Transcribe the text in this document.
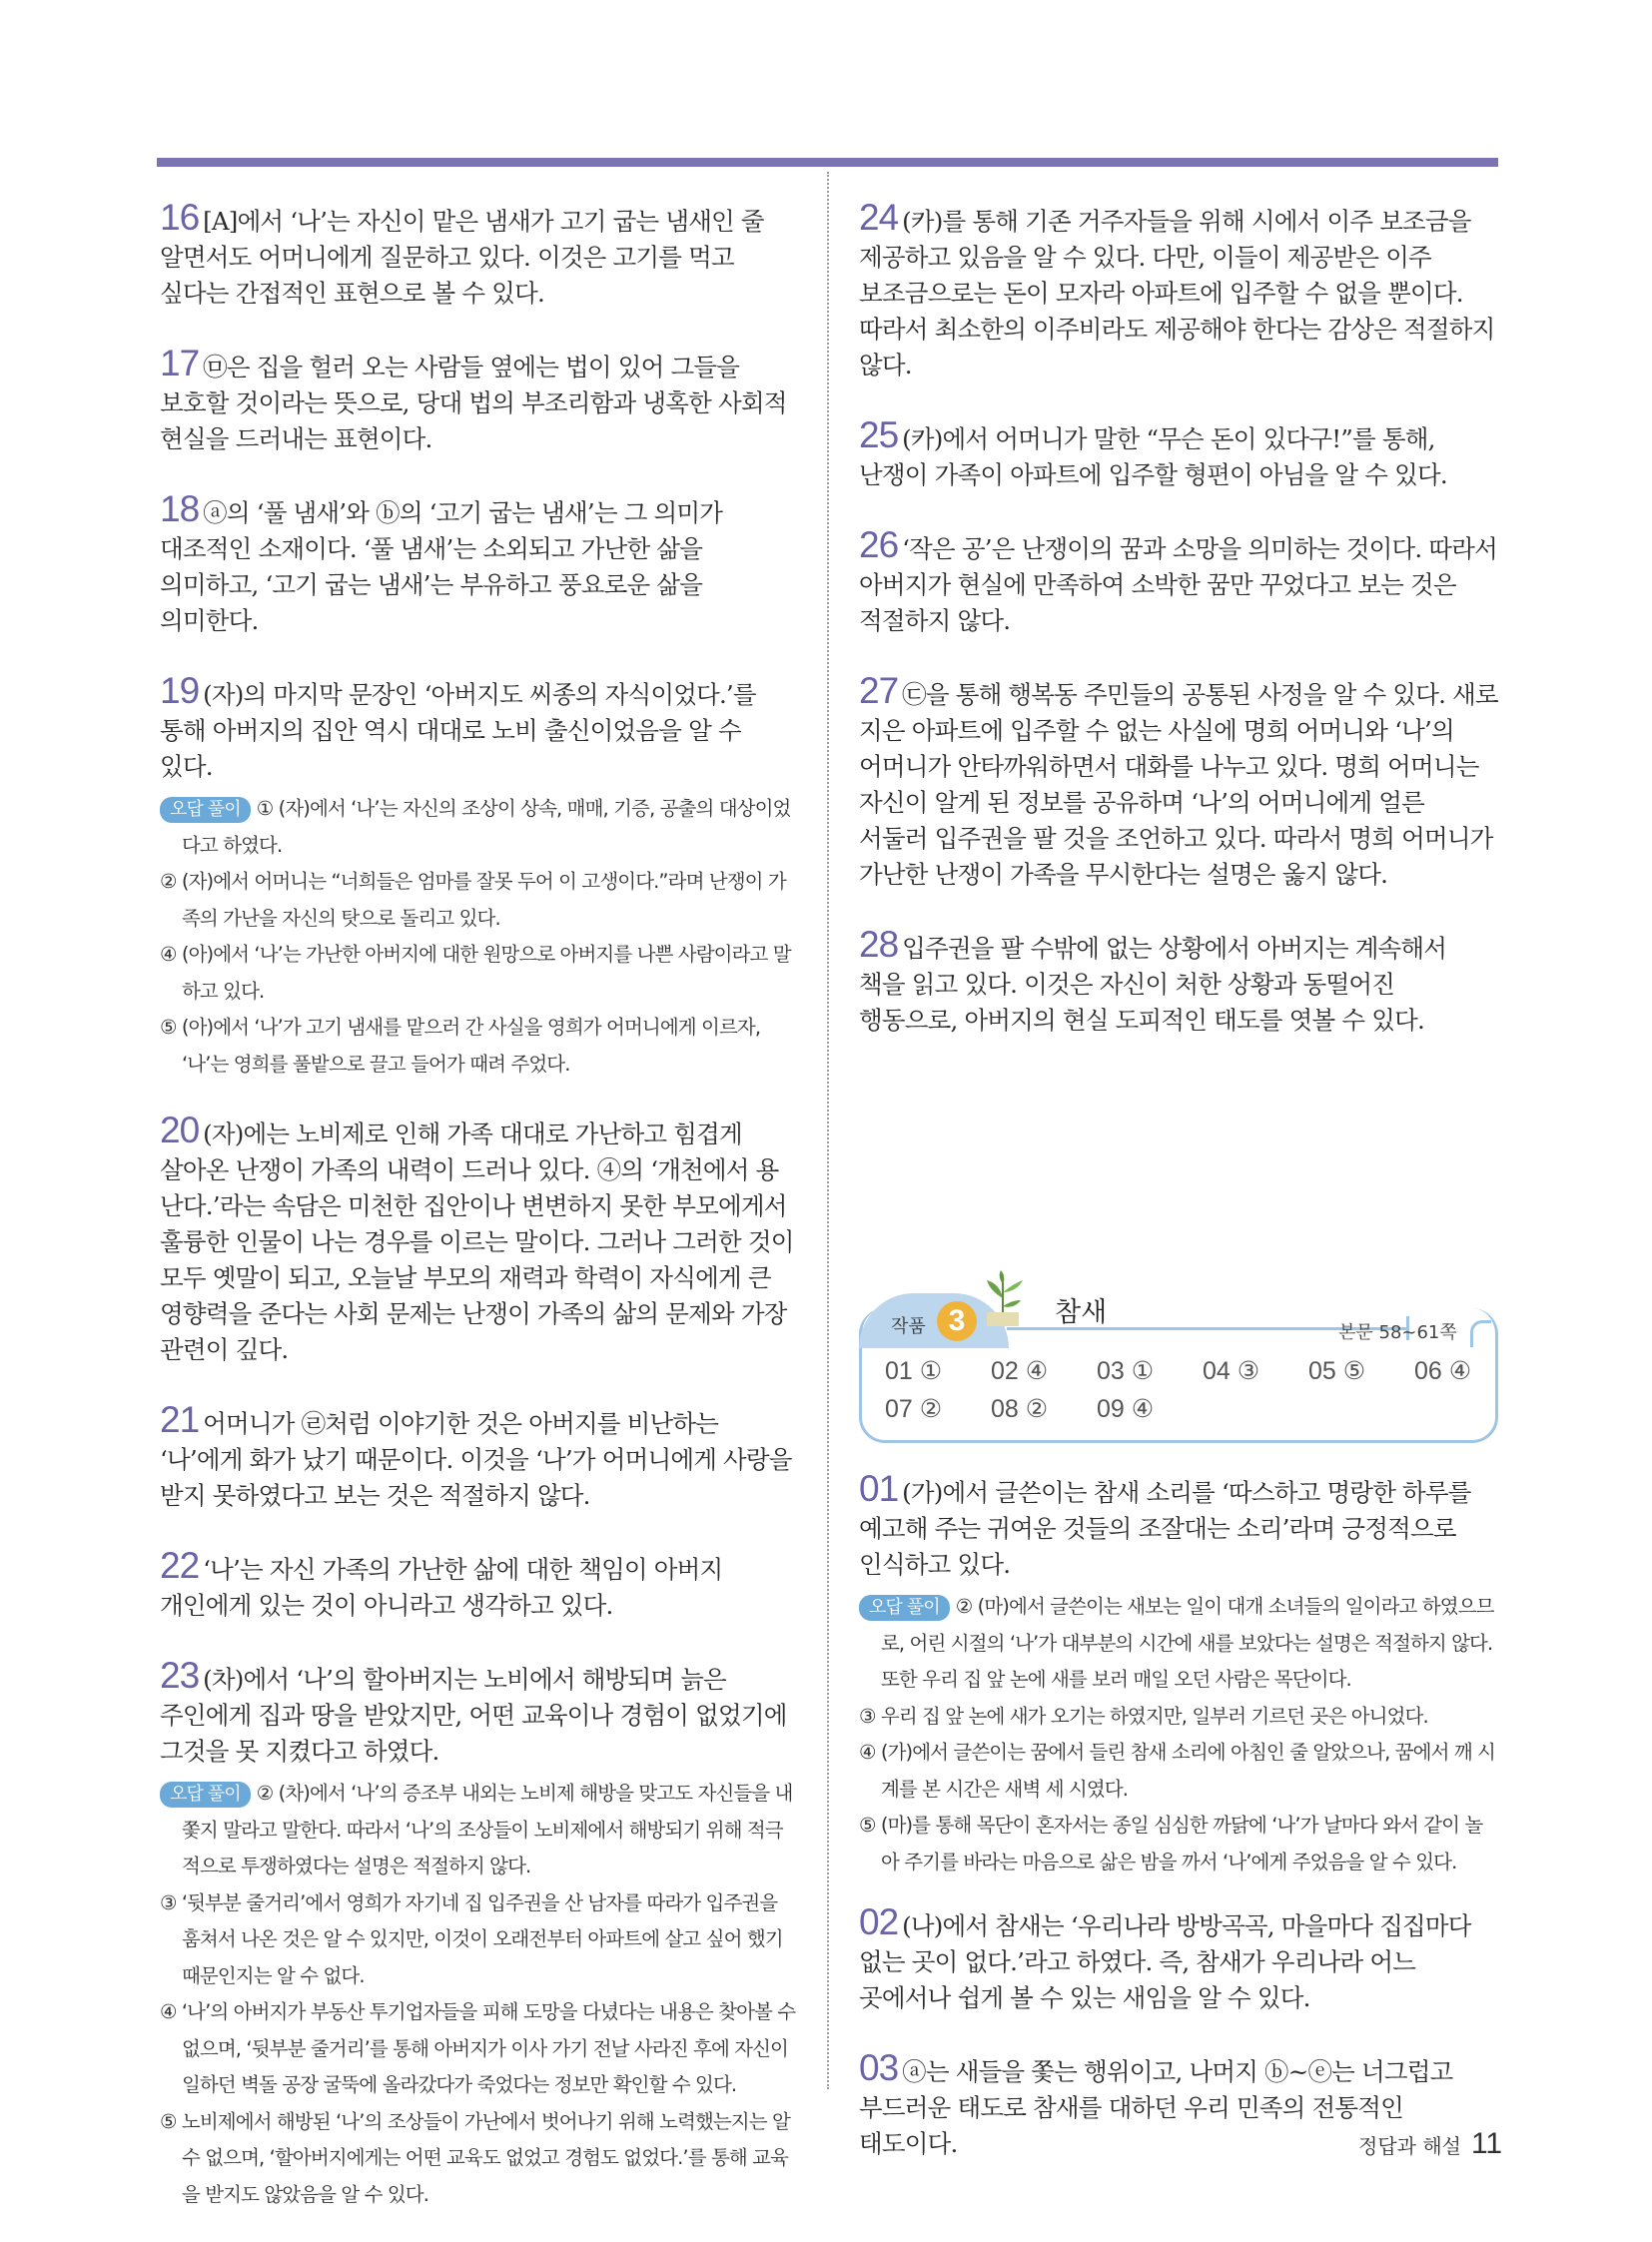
16 [A]에서 ‘나’는 자신이 맡은 냄새가 고기 굽는 냄새인 줄 알면서도 어머니에게 질문하고 있다. 이것은 고기를 먹고 싶다는 간접적인 표현으로 볼 수 있다.
17 ㉤은 집을 헐러 오는 사람들 옆에는 법이 있어 그들을 보호할 것이라는 뜻으로, 당대 법의 부조리함과 냉혹한 사회적 현실을 드러내는 표현이다.
18 ⓐ의 ‘풀 냄새’와 ⓑ의 ‘고기 굽는 냄새’는 그 의미가 대조적인 소재이다. ‘풀 냄새’는 소외되고 가난한 삶을 의미하고, ‘고기 굽는 냄새’는 부유하고 풍요로운 삶을 의미한다.
19 (자)의 마지막 문장인 ‘아버지도 씨종의 자식이었다.’를 통해 아버지의 집안 역시 대대로 노비 출신이었음을 알 수 있다.

오답 풀이 ① (자)에서 ‘나’는 자신의 조상이 상속, 매매, 기증, 공출의 대상이었다고 하였다.

② (자)에서 어머니는 “너희들은 엄마를 잘못 두어 이 고생이다.”라며 난쟁이 가족의 가난을 자신의 탓으로 돌리고 있다.

④ (아)에서 ‘나’는 가난한 아버지에 대한 원망으로 아버지를 나쁜 사람이라고 말하고 있다.

⑤ (아)에서 ‘나’가 고기 냄새를 맡으러 간 사실을 영희가 어머니에게 이르자, ‘나’는 영희를 풀밭으로 끌고 들어가 때려 주었다.

20 (자)에는 노비제로 인해 가족 대대로 가난하고 힘겹게 살아온 난쟁이 가족의 내력이 드러나 있다. ④의 ‘개천에서 용 난다.’라는 속담은 미천한 집안이나 변변하지 못한 부모에게서 훌륭한 인물이 나는 경우를 이르는 말이다. 그러나 그러한 것이 모두 옛말이 되고, 오늘날 부모의 재력과 학력이 자식에게 큰 영향력을 준다는 사회 문제는 난쟁이 가족의 삶의 문제와 가장 관련이 깊다.
21 어머니가 ㉣처럼 이야기한 것은 아버지를 비난하는 ‘나’에게 화가 났기 때문이다. 이것을 ‘나’가 어머니에게 사랑을 받지 못하였다고 보는 것은 적절하지 않다.
22 ‘나’는 자신 가족의 가난한 삶에 대한 책임이 아버지 개인에게 있는 것이 아니라고 생각하고 있다.
23 (차)에서 ‘나’의 할아버지는 노비에서 해방되며 늙은 주인에게 집과 땅을 받았지만, 어떤 교육이나 경험이 없었기에 그것을 못 지켰다고 하였다.

오답 풀이 ② (차)에서 ‘나’의 증조부 내외는 노비제 해방을 맞고도 자신들을 내쫓지 말라고 말한다. 따라서 ‘나’의 조상들이 노비제에서 해방되기 위해 적극적으로 투쟁하였다는 설명은 적절하지 않다.

③ ‘뒷부분 줄거리’에서 영희가 자기네 집 입주권을 산 남자를 따라가 입주권을 훔쳐서 나온 것은 알 수 있지만, 이것이 오래전부터 아파트에 살고 싶어 했기 때문인지는 알 수 없다.

④ ‘나’의 아버지가 부동산 투기업자들을 피해 도망을 다녔다는 내용은 찾아볼 수 없으며, ‘뒷부분 줄거리’를 통해 아버지가 이사 가기 전날 사라진 후에 자신이 일하던 벽돌 공장 굴뚝에 올라갔다가 죽었다는 정보만 확인할 수 있다.

⑤ 노비제에서 해방된 ‘나’의 조상들이 가난에서 벗어나기 위해 노력했는지는 알 수 없으며, ‘할아버지에게는 어떤 교육도 없었고 경험도 없었다.’를 통해 교육을 받지도 않았음을 알 수 있다.

24 (카)를 통해 기존 거주자들을 위해 시에서 이주 보조금을 제공하고 있음을 알 수 있다. 다만, 이들이 제공받은 이주 보조금으로는 돈이 모자라 아파트에 입주할 수 없을 뿐이다. 따라서 최소한의 이주비라도 제공해야 한다는 감상은 적절하지 않다.
25 (카)에서 어머니가 말한 “무슨 돈이 있다구!”를 통해, 난쟁이 가족이 아파트에 입주할 형편이 아님을 알 수 있다.
26 ‘작은 공’은 난쟁이의 꿈과 소망을 의미하는 것이다. 따라서 아버지가 현실에 만족하여 소박한 꿈만 꾸었다고 보는 것은 적절하지 않다.
27 ㉢을 통해 행복동 주민들의 공통된 사정을 알 수 있다. 새로 지은 아파트에 입주할 수 없는 사실에 명희 어머니와 ‘나’의 어머니가 안타까워하면서 대화를 나누고 있다. 명희 어머니는 자신이 알게 된 정보를 공유하며 ‘나’의 어머니에게 얼른 서둘러 입주권을 팔 것을 조언하고 있다. 따라서 명희 어머니가 가난한 난쟁이 가족을 무시한다는 설명은 옳지 않다.
28 입주권을 팔 수밖에 없는 상황에서 아버지는 계속해서 책을 읽고 있다. 이것은 자신이 처한 상황과 동떨어진 행동으로, 아버지의 현실 도피적인 태도를 엿볼 수 있다.
작품 3	참새
본문 58~61쪽
01 ① 02 ④ 03 ① 04 ③ 05 ⑤ 06 ④
07 ② 08 ② 09 ④
01 (가)에서 글쓴이는 참새 소리를 ‘따스하고 명랑한 하루를 예고해 주는 귀여운 것들의 조잘대는 소리’라며 긍정적으로 인식하고 있다.

오답 풀이 ② (마)에서 글쓴이는 새보는 일이 대개 소녀들의 일이라고 하였으므로, 어린 시절의 ‘나’가 대부분의 시간에 새를 보았다는 설명은 적절하지 않다. 또한 우리 집 앞 논에 새를 보러 매일 오던 사람은 목단이다.

③ 우리 집 앞 논에 새가 오기는 하였지만, 일부러 기르던 곳은 아니었다.

④ (가)에서 글쓴이는 꿈에서 들린 참새 소리에 아침인 줄 알았으나, 꿈에서 깨 시계를 본 시간은 새벽 세 시였다.

⑤ (마)를 통해 목단이 혼자서는 종일 심심한 까닭에 ‘나’가 날마다 와서 같이 놀아 주기를 바라는 마음으로 삶은 밤을 까서 ‘나’에게 주었음을 알 수 있다.

02 (나)에서 참새는 ‘우리나라 방방곡곡, 마을마다 집집마다 없는 곳이 없다.’라고 하였다. 즉, 참새가 우리나라 어느 곳에서나 쉽게 볼 수 있는 새임을 알 수 있다.
03 ⓐ는 새들을 쫓는 행위이고, 나머지 ⓑ~ⓔ는 너그럽고 부드러운 태도로 참새를 대하던 우리 민족의 전통적인 태도이다.	정답과 해설 11
